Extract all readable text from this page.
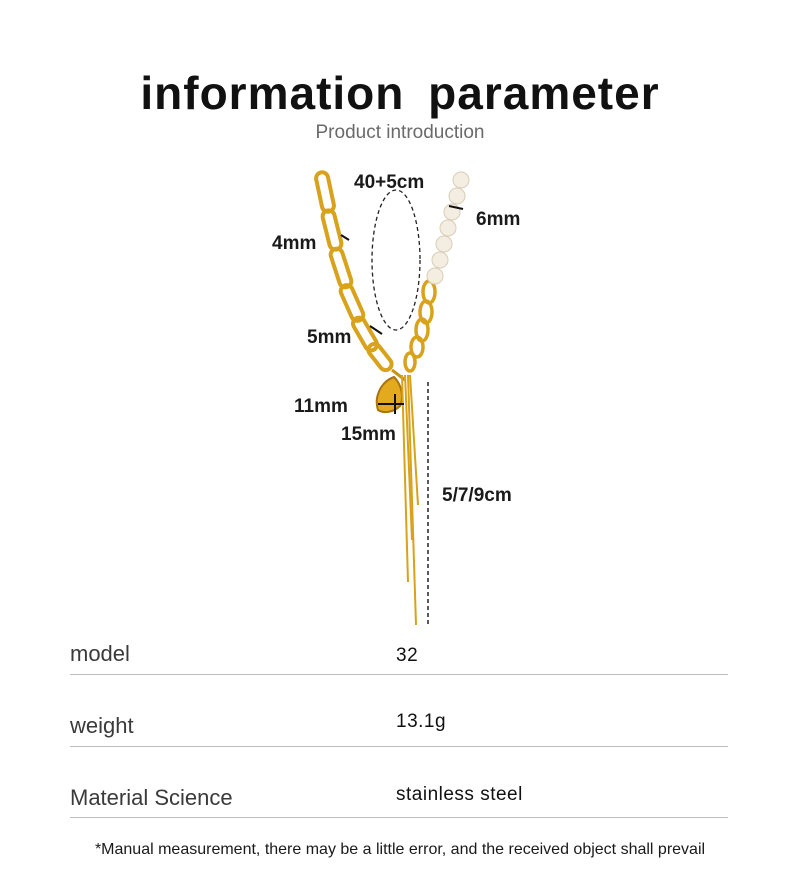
information parameter
Product introduction
40+5cm
6mm
4mm
5mm
11mm
15mm
5/7/9cm
model	32
weight	13.1g
Material Science	stainless steel
*Manual measurement, there may be a little error, and the received object shall prevail
